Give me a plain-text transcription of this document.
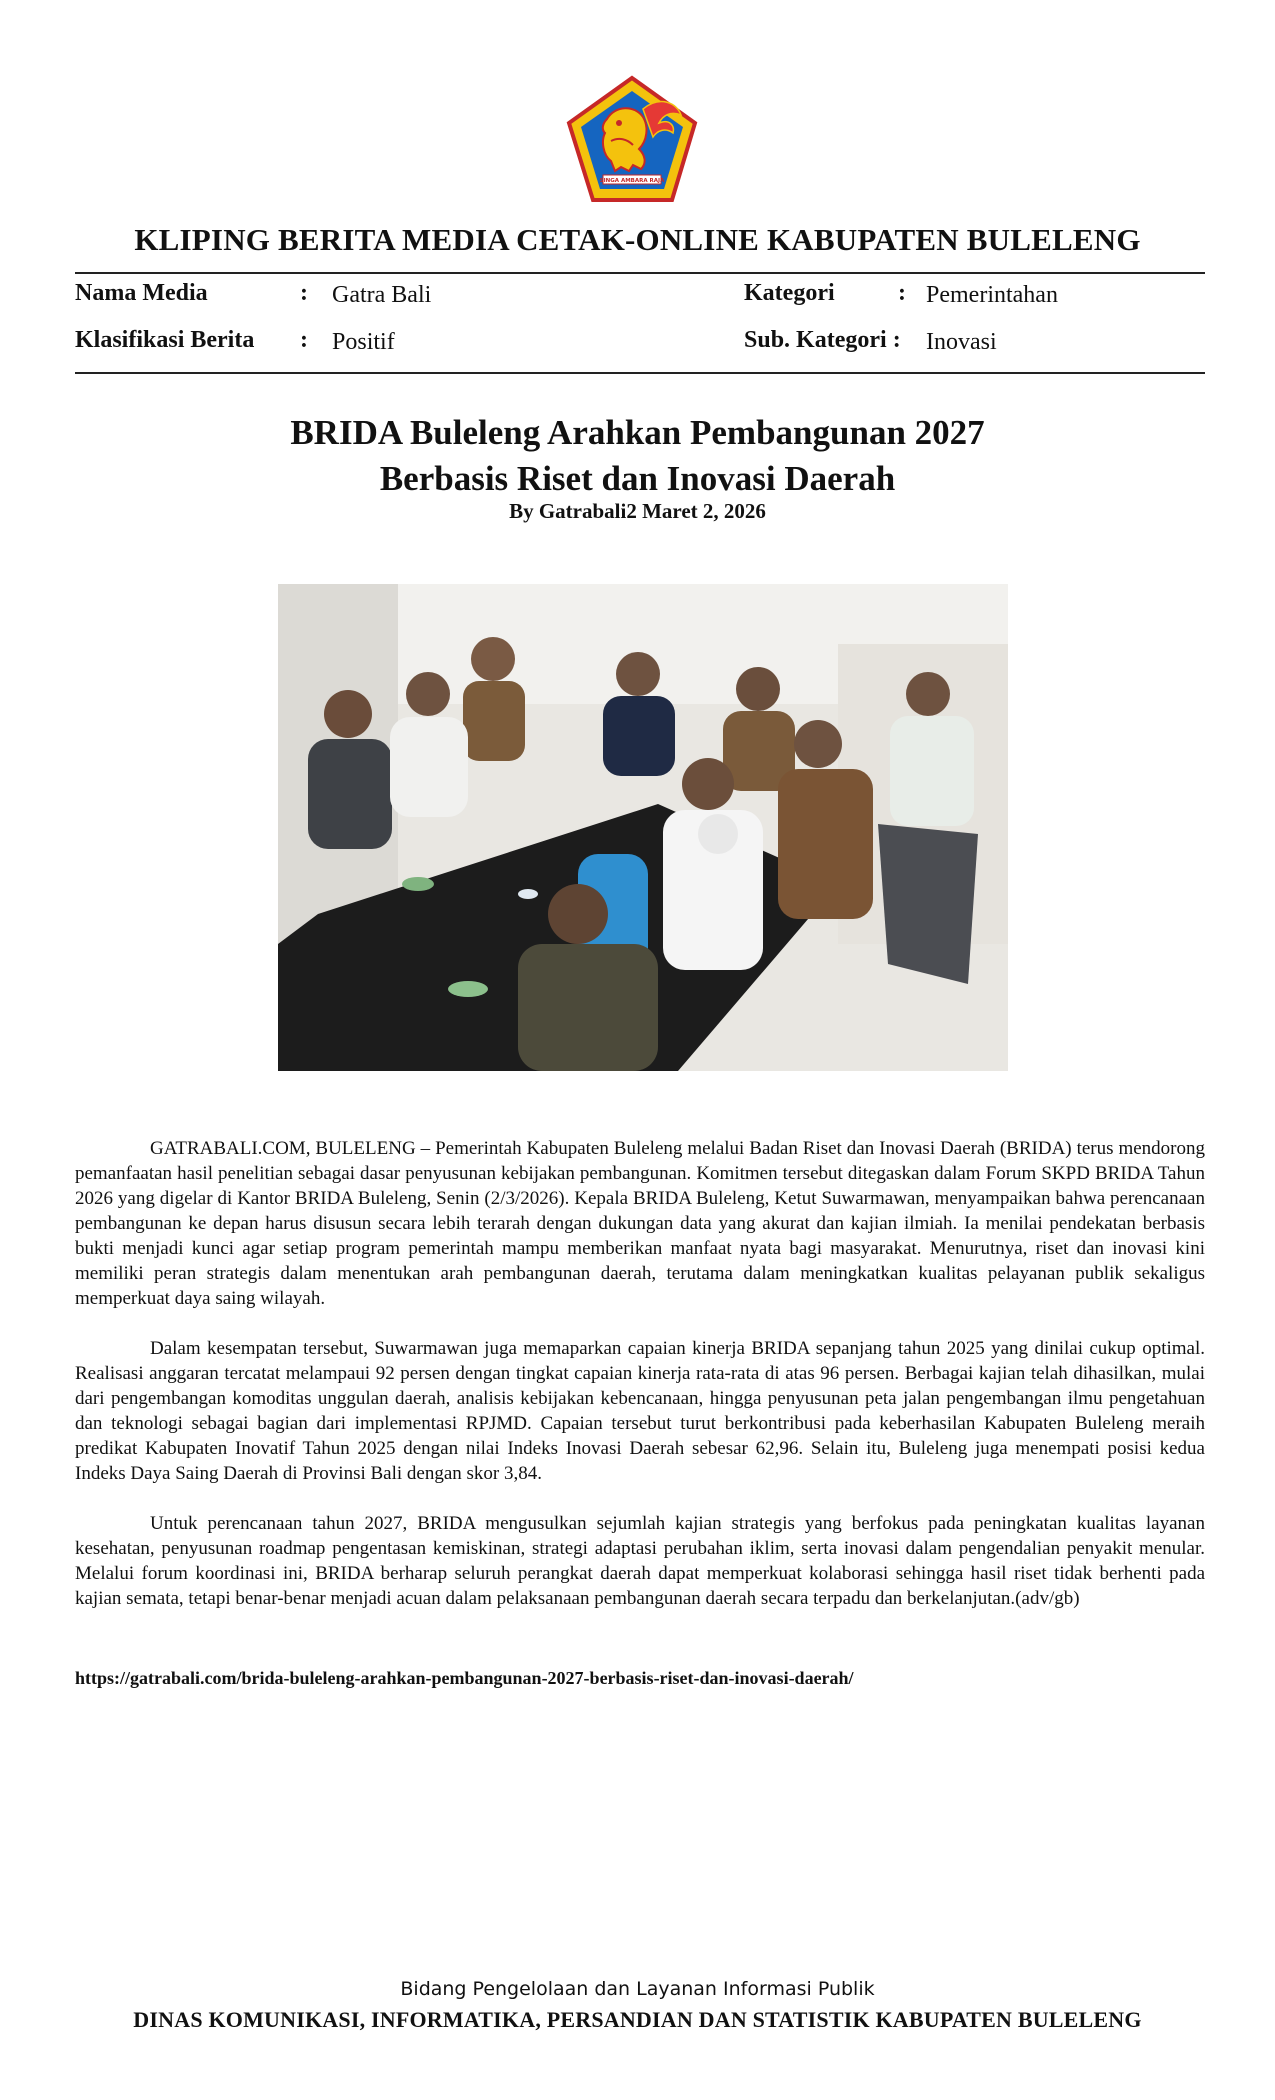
SINGA AMBARA RAJA
KLIPING BERITA MEDIA CETAK-ONLINE KABUPATEN BULELENG
Nama Media	: Gatra Bali
Klasifikasi Berita : Positif
Kategori	: Pemerintahan
Sub. Kategori : Inovasi
BRIDA Buleleng Arahkan Pembangunan 2027
Berbasis Riset dan Inovasi Daerah
By Gatrabali2 Maret 2, 2026

GATRABALI.COM, BULELENG – Pemerintah Kabupaten Buleleng melalui Badan Riset dan Inovasi Daerah (BRIDA) terus mendorong pemanfaatan hasil penelitian sebagai dasar penyusunan kebijakan pembangunan. Komitmen tersebut ditegaskan dalam Forum SKPD BRIDA Tahun 2026 yang digelar di Kantor BRIDA Buleleng, Senin (2/3/2026). Kepala BRIDA Buleleng, Ketut Suwarmawan, menyampaikan bahwa perencanaan pembangunan ke depan harus disusun secara lebih terarah dengan dukungan data yang akurat dan kajian ilmiah. Ia menilai pendekatan berbasis bukti menjadi kunci agar setiap program pemerintah mampu memberikan manfaat nyata bagi masyarakat. Menurutnya, riset dan inovasi kini memiliki peran strategis dalam menentukan arah pembangunan daerah, terutama dalam meningkatkan kualitas pelayanan publik sekaligus memperkuat daya saing wilayah.

Dalam kesempatan tersebut, Suwarmawan juga memaparkan capaian kinerja BRIDA sepanjang tahun 2025 yang dinilai cukup optimal. Realisasi anggaran tercatat melampaui 92 persen dengan tingkat capaian kinerja rata-rata di atas 96 persen. Berbagai kajian telah dihasilkan, mulai dari pengembangan komoditas unggulan daerah, analisis kebijakan kebencanaan, hingga penyusunan peta jalan pengembangan ilmu pengetahuan dan teknologi sebagai bagian dari implementasi RPJMD. Capaian tersebut turut berkontribusi pada keberhasilan Kabupaten Buleleng meraih predikat Kabupaten Inovatif Tahun 2025 dengan nilai Indeks Inovasi Daerah sebesar 62,96. Selain itu, Buleleng juga menempati posisi kedua Indeks Daya Saing Daerah di Provinsi Bali dengan skor 3,84.

Untuk perencanaan tahun 2027, BRIDA mengusulkan sejumlah kajian strategis yang berfokus pada peningkatan kualitas layanan kesehatan, penyusunan roadmap pengentasan kemiskinan, strategi adaptasi perubahan iklim, serta inovasi dalam pengendalian penyakit menular. Melalui forum koordinasi ini, BRIDA berharap seluruh perangkat daerah dapat memperkuat kolaborasi sehingga hasil riset tidak berhenti pada kajian semata, tetapi benar-benar menjadi acuan dalam pelaksanaan pembangunan daerah secara terpadu dan berkelanjutan.(adv/gb)

https://gatrabali.com/brida-buleleng-arahkan-pembangunan-2027-berbasis-riset-dan-inovasi-daerah/
Bidang Pengelolaan dan Layanan Informasi Publik
DINAS KOMUNIKASI, INFORMATIKA, PERSANDIAN DAN STATISTIK KABUPATEN BULELENG
